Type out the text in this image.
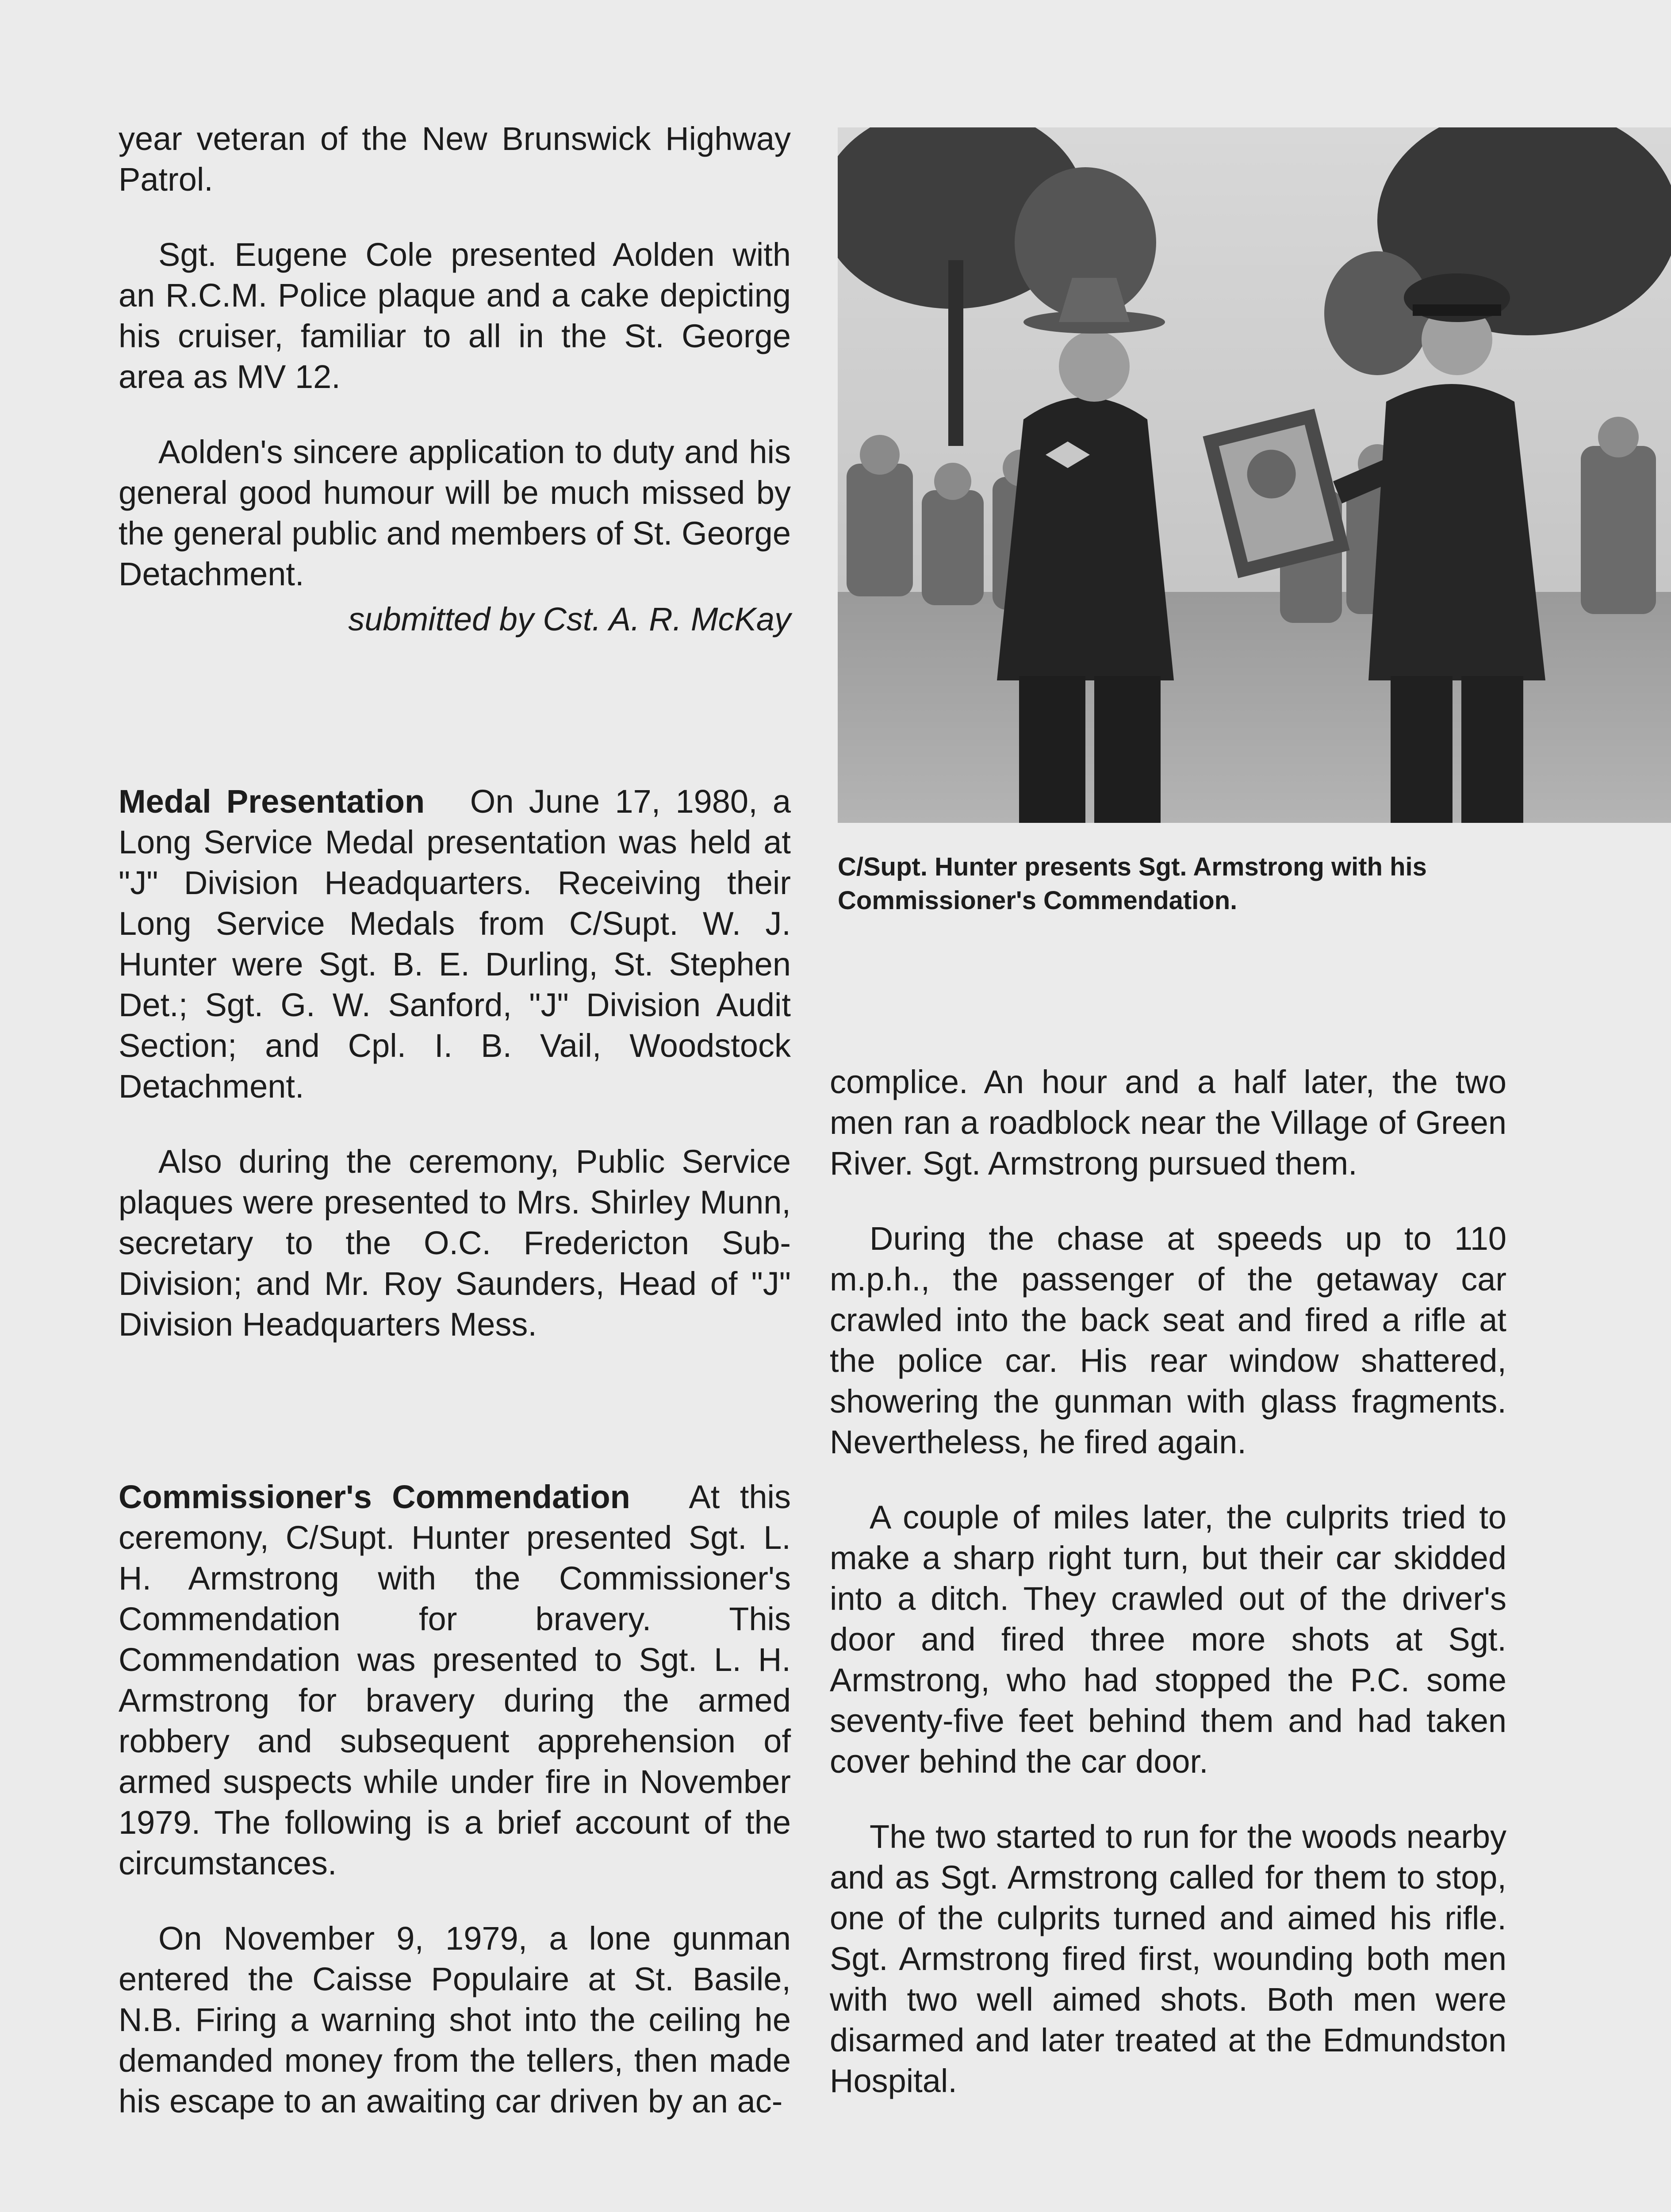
year veteran of the New Brunswick Highway Patrol.

Sgt. Eugene Cole presented Aolden with an R.C.M. Police plaque and a cake depicting his cruiser, familiar to all in the St. George area as MV 12.

Aolden's sincere application to duty and his general good humour will be much missed by the general public and members of St. George Detachment.

submitted by Cst. A. R. McKay

Medal Presentation On June 17, 1980, a Long Service Medal presentation was held at "J" Division Headquarters. Receiving their Long Service Medals from C/Supt. W. J. Hunter were Sgt. B. E. Durling, St. Stephen Det.; Sgt. G. W. Sanford, "J" Division Audit Section; and Cpl. I. B. Vail, Woodstock Detachment.

Also during the ceremony, Public Service plaques were presented to Mrs. Shirley Munn, secretary to the O.C. Fredericton Sub-Division; and Mr. Roy Saunders, Head of "J" Division Headquarters Mess.

Commissioner's Commendation At this ceremony, C/Supt. Hunter presented Sgt. L. H. Armstrong with the Commissioner's Commendation for bravery. This Commendation was presented to Sgt. L. H. Armstrong for bravery during the armed robbery and subsequent apprehension of armed suspects while under fire in November 1979. The following is a brief account of the circumstances.

On November 9, 1979, a lone gunman entered the Caisse Populaire at St. Basile, N.B. Firing a warning shot into the ceiling he demanded money from the tellers, then made his escape to an awaiting car driven by an ac-

C/Supt. Hunter presents Sgt. Armstrong with his Commissioner's Commendation.

complice. An hour and a half later, the two men ran a roadblock near the Village of Green River. Sgt. Armstrong pursued them.

During the chase at speeds up to 110 m.p.h., the passenger of the getaway car crawled into the back seat and fired a rifle at the police car. His rear window shattered, showering the gunman with glass fragments. Nevertheless, he fired again.

A couple of miles later, the culprits tried to make a sharp right turn, but their car skidded into a ditch. They crawled out of the driver's door and fired three more shots at Sgt. Armstrong, who had stopped the P.C. some seventy-five feet behind them and had taken cover behind the car door.

The two started to run for the woods nearby and as Sgt. Armstrong called for them to stop, one of the culprits turned and aimed his rifle. Sgt. Armstrong fired first, wounding both men with two well aimed shots. Both men were disarmed and later treated at the Edmundston Hospital.
